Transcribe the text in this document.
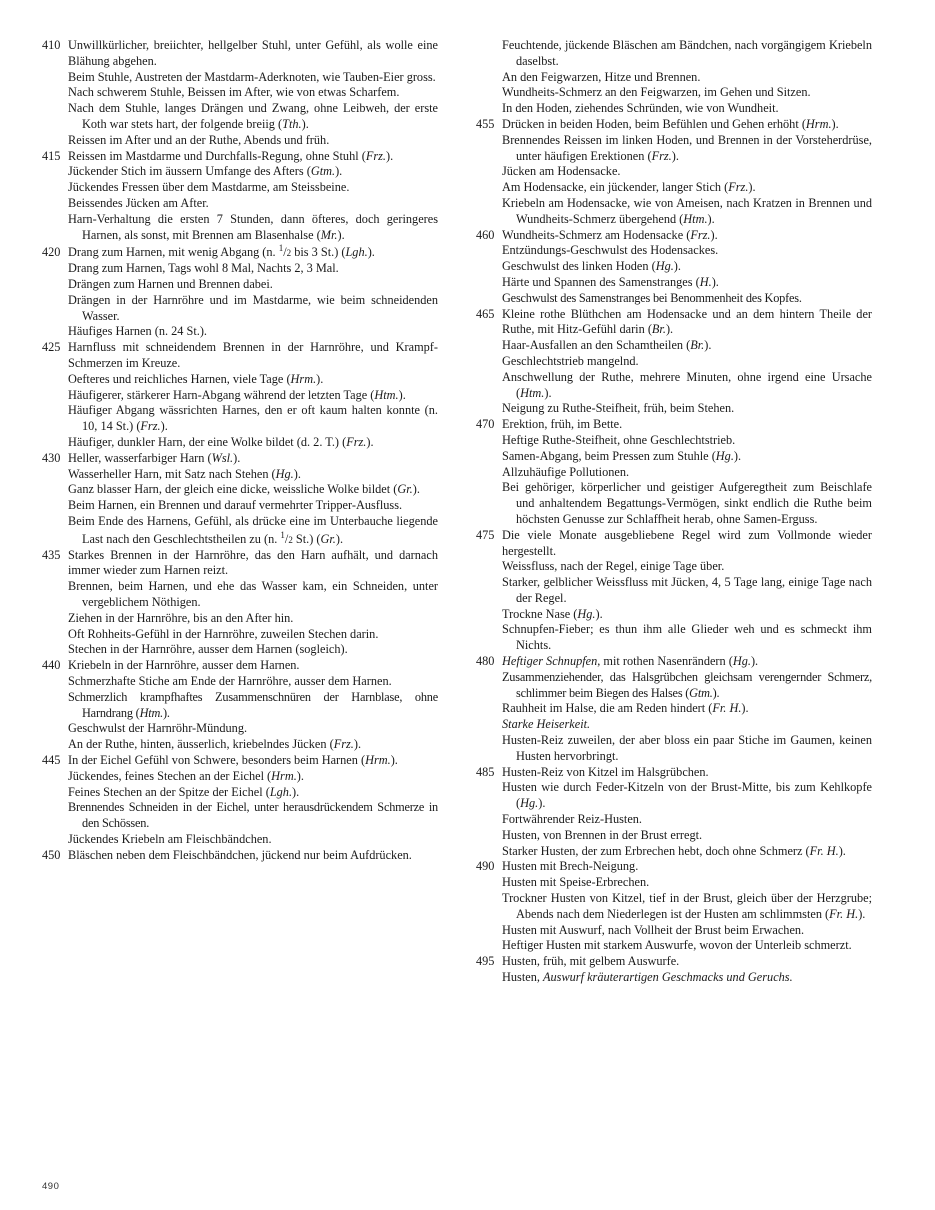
410 Unwillkürlicher, breiichter, hellgelber Stuhl, unter Gefühl, als wolle eine Blähung abgehen.

Beim Stuhle, Austreten der Mastdarm-Aderknoten, wie Tauben-Eier gross.

Nach schwerem Stuhle, Beissen im After, wie von etwas Scharfem.

Nach dem Stuhle, langes Drängen und Zwang, ohne Leibweh, der erste Koth war stets hart, der folgende breiig (Tth.).

Reissen im After und an der Ruthe, Abends und früh.

415 Reissen im Mastdarme und Durchfalls-Regung, ohne Stuhl (Frz.).

Jückender Stich im äussern Umfange des Afters (Gtm.).

Jückendes Fressen über dem Mastdarme, am Steissbeine.

Beissendes Jücken am After.

Harn-Verhaltung die ersten 7 Stunden, dann öfteres, doch geringeres Harnen, als sonst, mit Brennen am Blasenhalse (Mr.).

420 Drang zum Harnen, mit wenig Abgang (n. $^1$/2 bis 3 St.) (Lgh.).

Drang zum Harnen, Tags wohl 8 Mal, Nachts 2, 3 Mal.

Drängen zum Harnen und Brennen dabei.

Drängen in der Harnröhre und im Mastdarme, wie beim schneidenden Wasser.

Häufiges Harnen (n. 24 St.).

425 Harnfluss mit schneidendem Brennen in der Harnröhre, und Krampf-Schmerzen im Kreuze.

Oefteres und reichliches Harnen, viele Tage (Hrm.).

Häufigerer, stärkerer Harn-Abgang während der letzten Tage (Htm.).

Häufiger Abgang wässrichten Harnes, den er oft kaum halten konnte (n. 10, 14 St.) (Frz.).

Häufiger, dunkler Harn, der eine Wolke bildet (d. 2. T.) (Frz.).

430 Heller, wasserfarbiger Harn (Wsl.).

Wasserheller Harn, mit Satz nach Stehen (Hg.).

Ganz blasser Harn, der gleich eine dicke, weissliche Wolke bildet (Gr.).

Beim Harnen, ein Brennen und darauf vermehrter Tripper-Ausfluss.

Beim Ende des Harnens, Gefühl, als drücke eine im Unterbauche liegende Last nach den Geschlechtstheilen zu (n. $^1$/2 St.) (Gr.).

435 Starkes Brennen in der Harnröhre, das den Harn aufhält, und darnach immer wieder zum Harnen reizt.

Brennen, beim Harnen, und ehe das Wasser kam, ein Schneiden, unter vergeblichem Nöthigen.

Ziehen in der Harnröhre, bis an den After hin.

Oft Rohheits-Gefühl in der Harnröhre, zuweilen Stechen darin.

Stechen in der Harnröhre, ausser dem Harnen (sogleich).

440 Kriebeln in der Harnröhre, ausser dem Harnen.

Schmerzhafte Stiche am Ende der Harnröhre, ausser dem Harnen.

Schmerzlich krampfhaftes Zusammenschnüren der Harnblase, ohne Harndrang (Htm.).

Geschwulst der Harnröhr-Mündung.

An der Ruthe, hinten, äusserlich, kriebelndes Jücken (Frz.).

445 In der Eichel Gefühl von Schwere, besonders beim Harnen (Hrm.).

Jückendes, feines Stechen an der Eichel (Hrm.).

Feines Stechen an der Spitze der Eichel (Lgh.).

Brennendes Schneiden in der Eichel, unter herausdrückendem Schmerze in den Schössen.

Jückendes Kriebeln am Fleischbändchen.

450 Bläschen neben dem Fleischbändchen, jückend nur beim Aufdrücken.

Feuchtende, jückende Bläschen am Bändchen, nach vorgängigem Kriebeln daselbst.

An den Feigwarzen, Hitze und Brennen.

Wundheits-Schmerz an den Feigwarzen, im Gehen und Sitzen.

In den Hoden, ziehendes Schründen, wie von Wundheit.

455 Drücken in beiden Hoden, beim Befühlen und Gehen erhöht (Hrm.).

Brennendes Reissen im linken Hoden, und Brennen in der Vorsteherdrüse, unter häufigen Erektionen (Frz.).

Jücken am Hodensacke.

Am Hodensacke, ein jückender, langer Stich (Frz.).

Kriebeln am Hodensacke, wie von Ameisen, nach Kratzen in Brennen und Wundheits-Schmerz übergehend (Htm.).

460 Wundheits-Schmerz am Hodensacke (Frz.).

Entzündungs-Geschwulst des Hodensackes.

Geschwulst des linken Hoden (Hg.).

Härte und Spannen des Samenstranges (H.).

Geschwulst des Samenstranges bei Benommenheit des Kopfes.

465 Kleine rothe Blüthchen am Hodensacke und an dem hintern Theile der Ruthe, mit Hitz-Gefühl darin (Br.).

Haar-Ausfallen an den Schamtheilen (Br.).

Geschlechtstrieb mangelnd.

Anschwellung der Ruthe, mehrere Minuten, ohne irgend eine Ursache (Htm.).

Neigung zu Ruthe-Steifheit, früh, beim Stehen.

470 Erektion, früh, im Bette.

Heftige Ruthe-Steifheit, ohne Geschlechtstrieb.

Samen-Abgang, beim Pressen zum Stuhle (Hg.).

Allzuhäufige Pollutionen.

Bei gehöriger, körperlicher und geistiger Aufgeregtheit zum Beischlafe und anhaltendem Begattungs-Vermögen, sinkt endlich die Ruthe beim höchsten Genusse zur Schlaffheit herab, ohne Samen-Erguss.

475 Die viele Monate ausgebliebene Regel wird zum Vollmonde wieder hergestellt.

Weissfluss, nach der Regel, einige Tage über.

Starker, gelblicher Weissfluss mit Jücken, 4, 5 Tage lang, einige Tage nach der Regel.

Trockne Nase (Hg.).

Schnupfen-Fieber; es thun ihm alle Glieder weh und es schmeckt ihm Nichts.

480 Heftiger Schnupfen, mit rothen Nasenrändern (Hg.).

Zusammenziehender, das Halsgrübchen gleichsam verengernder Schmerz, schlimmer beim Biegen des Halses (Gtm.).

Rauhheit im Halse, die am Reden hindert (Fr. H.).

Starke Heiserkeit.

Husten-Reiz zuweilen, der aber bloss ein paar Stiche im Gaumen, keinen Husten hervorbringt.

485 Husten-Reiz von Kitzel im Halsgrübchen.

Husten wie durch Feder-Kitzeln von der Brust-Mitte, bis zum Kehlkopfe (Hg.).

Fortwährender Reiz-Husten.

Husten, von Brennen in der Brust erregt.

Starker Husten, der zum Erbrechen hebt, doch ohne Schmerz (Fr. H.).

490 Husten mit Brech-Neigung.

Husten mit Speise-Erbrechen.

Trockner Husten von Kitzel, tief in der Brust, gleich über der Herzgrube; Abends nach dem Niederlegen ist der Husten am schlimmsten (Fr. H.).

Husten mit Auswurf, nach Vollheit der Brust beim Erwachen.

Heftiger Husten mit starkem Auswurfe, wovon der Unterleib schmerzt.

495 Husten, früh, mit gelbem Auswurfe.

Husten, Auswurf kräuterartigen Geschmacks und Geruchs.

490
